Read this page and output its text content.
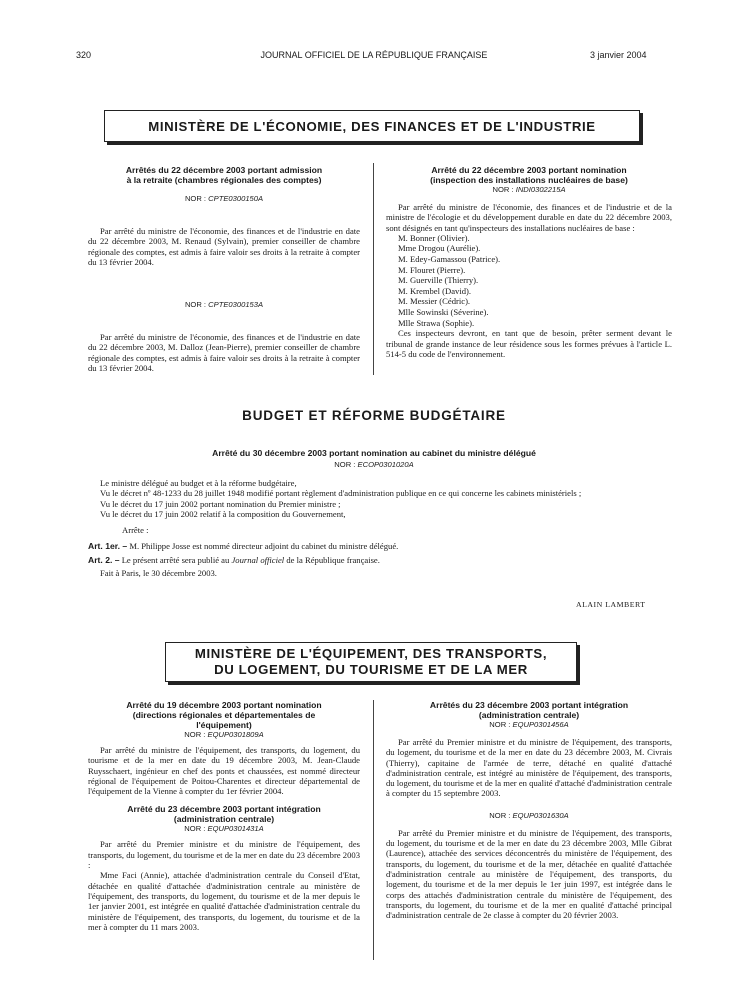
320	JOURNAL OFFICIEL DE LA RÉPUBLIQUE FRANÇAISE	3 janvier 2004
MINISTÈRE DE L'ÉCONOMIE, DES FINANCES ET DE L'INDUSTRIE
Arrêtés du 22 décembre 2003 portant admission
à la retraite (chambres régionales des comptes)
NOR : CPTE0300150A

Par arrêté du ministre de l'économie, des finances et de l'industrie en date du 22 décembre 2003, M. Renaud (Sylvain), premier conseiller de chambre régionale des comptes, est admis à faire valoir ses droits à la retraite à compter du 13 février 2004.

NOR : CPTE0300153A

Par arrêté du ministre de l'économie, des finances et de l'industrie en date du 22 décembre 2003, M. Dalloz (Jean-Pierre), premier conseiller de chambre régionale des comptes, est admis à faire valoir ses droits à la retraite à compter du 13 février 2004.

Arrêté du 22 décembre 2003 portant nomination
(inspection des installations nucléaires de base)
NOR : INDI0302215A

Par arrêté du ministre de l'économie, des finances et de l'industrie et de la ministre de l'écologie et du développement durable en date du 22 décembre 2003, sont désignés en tant qu'inspecteurs des installations nucléaires de base :

M. Bonner (Olivier).
Mme Drogou (Aurélie).
M. Edey-Gamassou (Patrice).
M. Flouret (Pierre).
M. Guerville (Thierry).
M. Krembel (David).
M. Messier (Cédric).
Mlle Sowinski (Séverine).
Mlle Strawa (Sophie).

Ces inspecteurs devront, en tant que de besoin, prêter serment devant le tribunal de grande instance de leur résidence sous les formes prévues à l'article L. 514-5 du code de l'environnement.

BUDGET ET RÉFORME BUDGÉTAIRE
Arrêté du 30 décembre 2003 portant nomination au cabinet du ministre délégué
NOR : ECOP0301020A

Le ministre délégué au budget et à la réforme budgétaire,

Vu le décret nº 48-1233 du 28 juillet 1948 modifié portant règlement d'administration publique en ce qui concerne les cabinets ministériels ;

Vu le décret du 17 juin 2002 portant nomination du Premier ministre ;

Vu le décret du 17 juin 2002 relatif à la composition du Gouvernement,

Arrête :

Art. 1er. – M. Philippe Josse est nommé directeur adjoint du cabinet du ministre délégué.

Art. 2. – Le présent arrêté sera publié au Journal officiel de la République française.

Fait à Paris, le 30 décembre 2003.

ALAIN LAMBERT
MINISTÈRE DE L'ÉQUIPEMENT, DES TRANSPORTS,
DU LOGEMENT, DU TOURISME ET DE LA MER
Arrêté du 19 décembre 2003 portant nomination
(directions régionales et départementales de
l'équipement)
NOR : EQUP0301809A

Par arrêté du ministre de l'équipement, des transports, du logement, du tourisme et de la mer en date du 19 décembre 2003, M. Jean-Claude Ruysschaert, ingénieur en chef des ponts et chaussées, est nommé directeur régional de l'équipement de Poitou-Charentes et directeur départemental de l'équipement de la Vienne à compter du 1er février 2004.

Arrêté du 23 décembre 2003 portant intégration
(administration centrale)
NOR : EQUP0301431A

Par arrêté du Premier ministre et du ministre de l'équipement, des transports, du logement, du tourisme et de la mer en date du 23 décembre 2003 :

Mme Faci (Annie), attachée d'administration centrale du Conseil d'Etat, détachée en qualité d'attachée d'administration centrale au ministère de l'équipement, des transports, du logement, du tourisme et de la mer depuis le 1er janvier 2001, est intégrée en qualité d'attachée d'administration centrale du ministère de l'équipement, des transports, du logement, du tourisme et de la mer à compter du 11 mars 2003.

Arrêtés du 23 décembre 2003 portant intégration
(administration centrale)
NOR : EQUP0301456A

Par arrêté du Premier ministre et du ministre de l'équipement, des transports, du logement, du tourisme et de la mer en date du 23 décembre 2003, M. Civrais (Thierry), capitaine de l'armée de terre, détaché en qualité d'attaché d'administration centrale, est intégré au ministère de l'équipement, des transports, du logement, du tourisme et de la mer en qualité d'attaché d'administration centrale à compter du 15 septembre 2003.

NOR : EQUP0301630A

Par arrêté du Premier ministre et du ministre de l'équipement, des transports, du logement, du tourisme et de la mer en date du 23 décembre 2003, Mlle Gibrat (Laurence), attachée des services déconcentrés du ministère de l'équipement, des transports, du logement, du tourisme et de la mer, détachée en qualité d'attachée d'administration centrale au ministère de l'équipement, des transports, du logement, du tourisme et de la mer depuis le 1er juin 1997, est intégrée dans le corps des attachés d'administration centrale du ministère de l'équipement, des transports, du logement, du tourisme et de la mer en qualité d'attaché principal d'administration centrale de 2e classe à compter du 20 février 2003.
